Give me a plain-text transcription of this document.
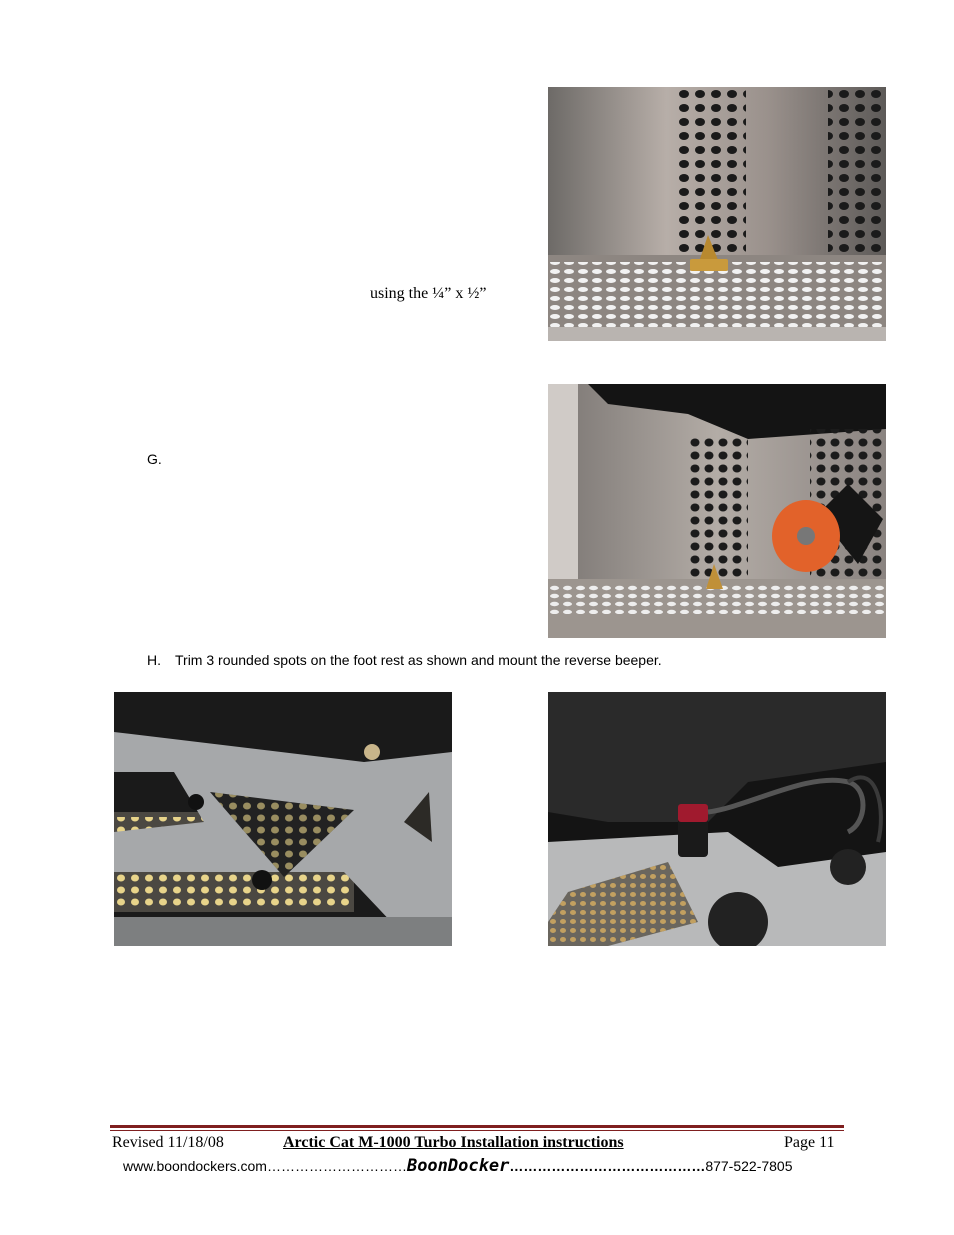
using the ¼” x ½”
G.
H. Trim 3 rounded spots on the foot rest as shown and mount the reverse beeper.
Revised 11/18/08	Arctic Cat M-1000 Turbo Installation instructions	Page 11
www.boondockers.com…………………………BoonDocker……………………………………877-522-7805
